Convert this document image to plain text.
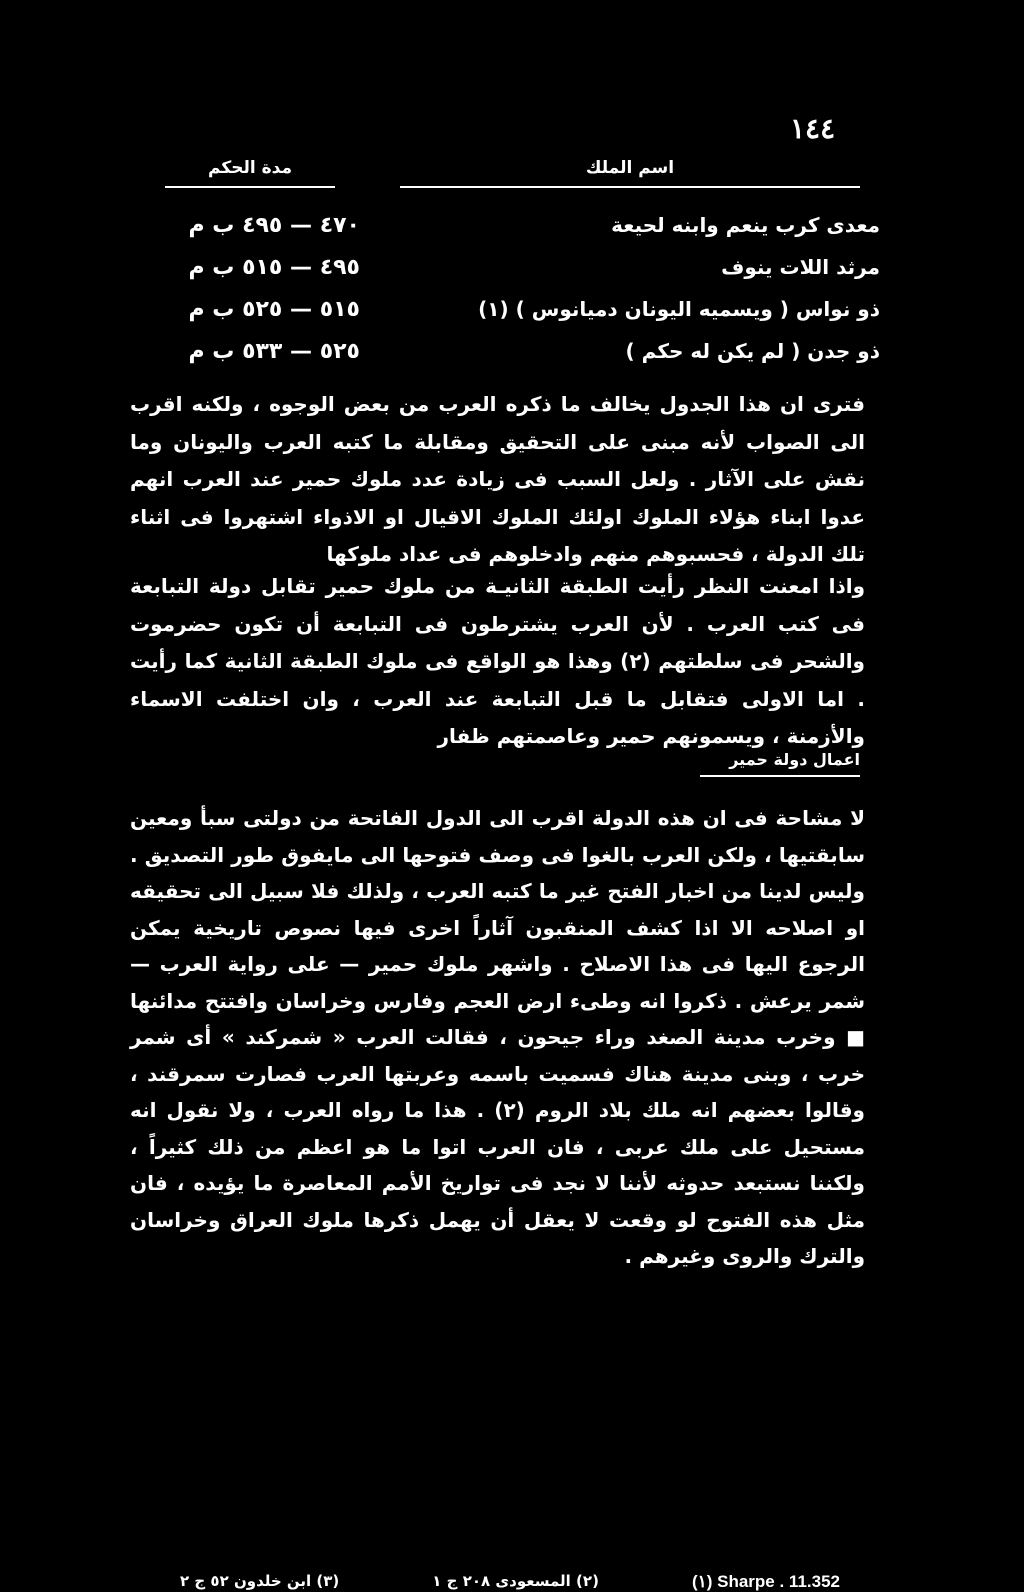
١٤٤
اسم الملك
مدة الحكم
معدى كرب ينعم وابنه لحيعة
٤٧٠ — ٤٩٥ ب م
مرثد اللات ينوف
٤٩٥ — ٥١٥ ب م
ذو نواس ( ويسميه اليونان دميانوس ) (١)
٥١٥ — ٥٢٥ ب م
ذو جدن ( لم يكن له حكم )
٥٢٥ — ٥٣٣ ب م

فترى ان هذا الجدول يخالف ما ذكره العرب من بعض الوجوه ، ولكنه اقرب الى الصواب لأنه مبنى على التحقيق ومقابلة ما كتبه العرب واليونان وما نقش على الآثار . ولعل السبب فى زيادة عدد ملوك حمير عند العرب انهم عدوا ابناء هؤلاء الملوك اولئك الملوك الاقيال او الاذواء اشتهروا فى اثناء تلك الدولة ، فحسبوهم منهم وادخلوهم فى عداد ملوكها

واذا امعنت النظر رأيت الطبقة الثانيـة من ملوك حمير تقابل دولة التبابعة فى كتب العرب . لأن العرب يشترطون فى التبابعة أن تكون حضرموت والشحر فى سلطتهم (٢) وهذا هو الواقع فى ملوك الطبقة الثانية كما رأيت . اما الاولى فتقابل ما قبل التبابعة عند العرب ، وان اختلفت الاسماء والأزمنة ، ويسمونهم حمير وعاصمتهم ظفار

اعمال دولة حمير

لا مشاحة فى ان هذه الدولة اقرب الى الدول الفاتحة من دولتى سبأ ومعين سابقتيها ، ولكن العرب بالغوا فى وصف فتوحها الى مايفوق طور التصديق . وليس لدينا من اخبار الفتح غير ما كتبه العرب ، ولذلك فلا سبيل الى تحقيقه او اصلاحه الا اذا كشف المنقبون آثاراً اخرى فيها نصوص تاريخية يمكن الرجوع اليها فى هذا الاصلاح . واشهر ملوك حمير — على رواية العرب — شمر يرعش . ذكروا انه وطىء ارض العجم وفارس وخراسان وافتتح مدائنها ■ وخرب مدينة الصغد وراء جيحون ، فقالت العرب « شمركند » أى شمر خرب ، وبنى مدينة هناك فسميت باسمه وعربتها العرب فصارت سمرقند ، وقالوا بعضهم انه ملك بلاد الروم (٢) . هذا ما رواه العرب ، ولا نقول انه مستحيل على ملك عربى ، فان العرب اتوا ما هو اعظم من ذلك كثيراً ، ولكننا نستبعد حدوثه لأننا لا نجد فى تواريخ الأمم المعاصرة ما يؤيده ، فان مثل هذه الفتوح لو وقعت لا يعقل أن يهمل ذكرها ملوك العراق وخراسان والترك والروى وغيرهم .

(١) Sharpe . 11.352
(٢) المسعودى ٢٠٨ ج ١
(٣) ابن خلدون ٥٢ ج ٢
